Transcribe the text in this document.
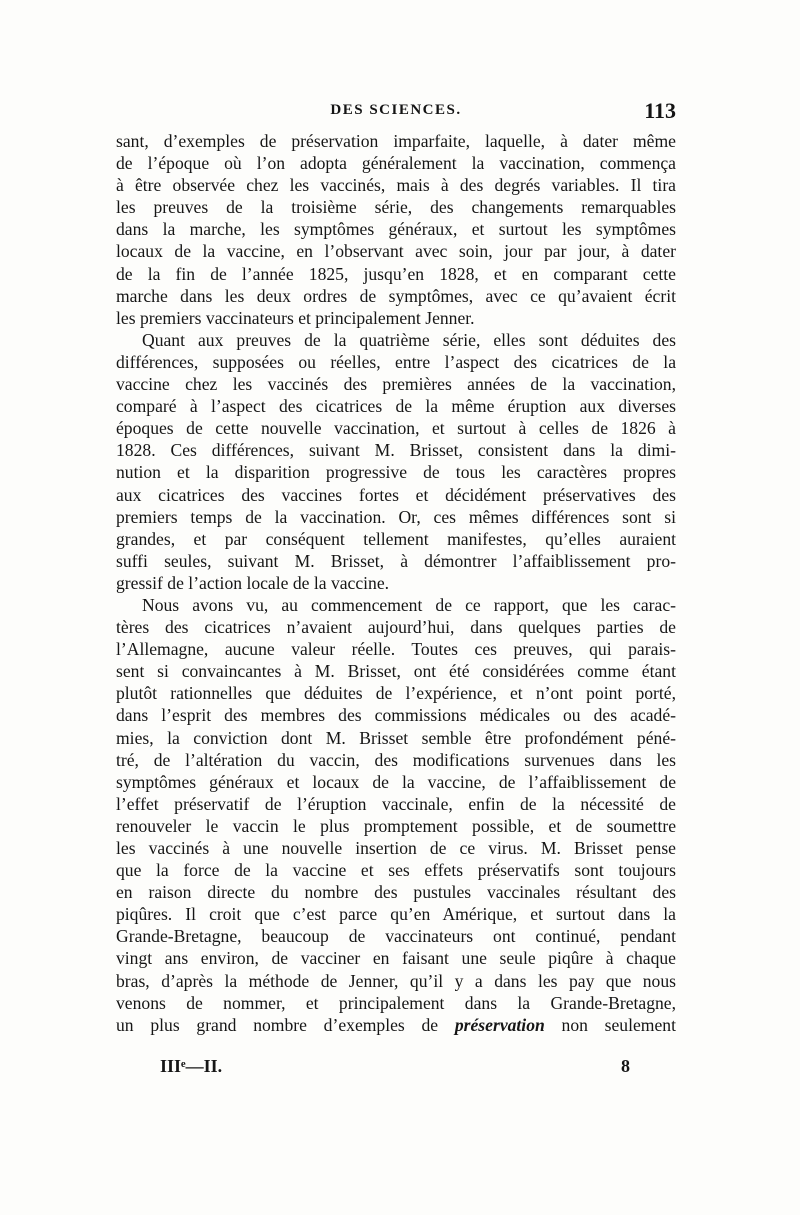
DES SCIENCES.	113
sant, d’exemples de préservation imparfaite, laquelle, à dater même
de l’époque où l’on adopta généralement la vaccination, commença
à être observée chez les vaccinés, mais à des degrés variables. Il tira
les preuves de la troisième série, des changements remarquables
dans la marche, les symptômes généraux, et surtout les symptômes
locaux de la vaccine, en l’observant avec soin, jour par jour, à dater
de la fin de l’année 1825, jusqu’en 1828, et en comparant cette
marche dans les deux ordres de symptômes, avec ce qu’avaient écrit
les premiers vaccinateurs et principalement Jenner.
Quant aux preuves de la quatrième série, elles sont déduites des
différences, supposées ou réelles, entre l’aspect des cicatrices de la
vaccine chez les vaccinés des premières années de la vaccination,
comparé à l’aspect des cicatrices de la même éruption aux diverses
époques de cette nouvelle vaccination, et surtout à celles de 1826 à
1828. Ces différences, suivant M. Brisset, consistent dans la dimi-
nution et la disparition progressive de tous les caractères propres
aux cicatrices des vaccines fortes et décidément préservatives des
premiers temps de la vaccination. Or, ces mêmes différences sont si
grandes, et par conséquent tellement manifestes, qu’elles auraient
suffi seules, suivant M. Brisset, à démontrer l’affaiblissement pro-
gressif de l’action locale de la vaccine.
Nous avons vu, au commencement de ce rapport, que les carac-
tères des cicatrices n’avaient aujourd’hui, dans quelques parties de
l’Allemagne, aucune valeur réelle. Toutes ces preuves, qui parais-
sent si convaincantes à M. Brisset, ont été considérées comme étant
plutôt rationnelles que déduites de l’expérience, et n’ont point porté,
dans l’esprit des membres des commissions médicales ou des acadé-
mies, la conviction dont M. Brisset semble être profondément péné-
tré, de l’altération du vaccin, des modifications survenues dans les
symptômes généraux et locaux de la vaccine, de l’affaiblissement de
l’effet préservatif de l’éruption vaccinale, enfin de la nécessité de
renouveler le vaccin le plus promptement possible, et de soumettre
les vaccinés à une nouvelle insertion de ce virus. M. Brisset pense
que la force de la vaccine et ses effets préservatifs sont toujours
en raison directe du nombre des pustules vaccinales résultant des
piqûres. Il croit que c’est parce qu’en Amérique, et surtout dans la
Grande-Bretagne, beaucoup de vaccinateurs ont continué, pendant
vingt ans environ, de vacciner en faisant une seule piqûre à chaque
bras, d’après la méthode de Jenner, qu’il y a dans les pay que nous
venons de nommer, et principalement dans la Grande-Bretagne,
un plus grand nombre d’exemples de préservation non seulement
IIIᵉ—II.	8
